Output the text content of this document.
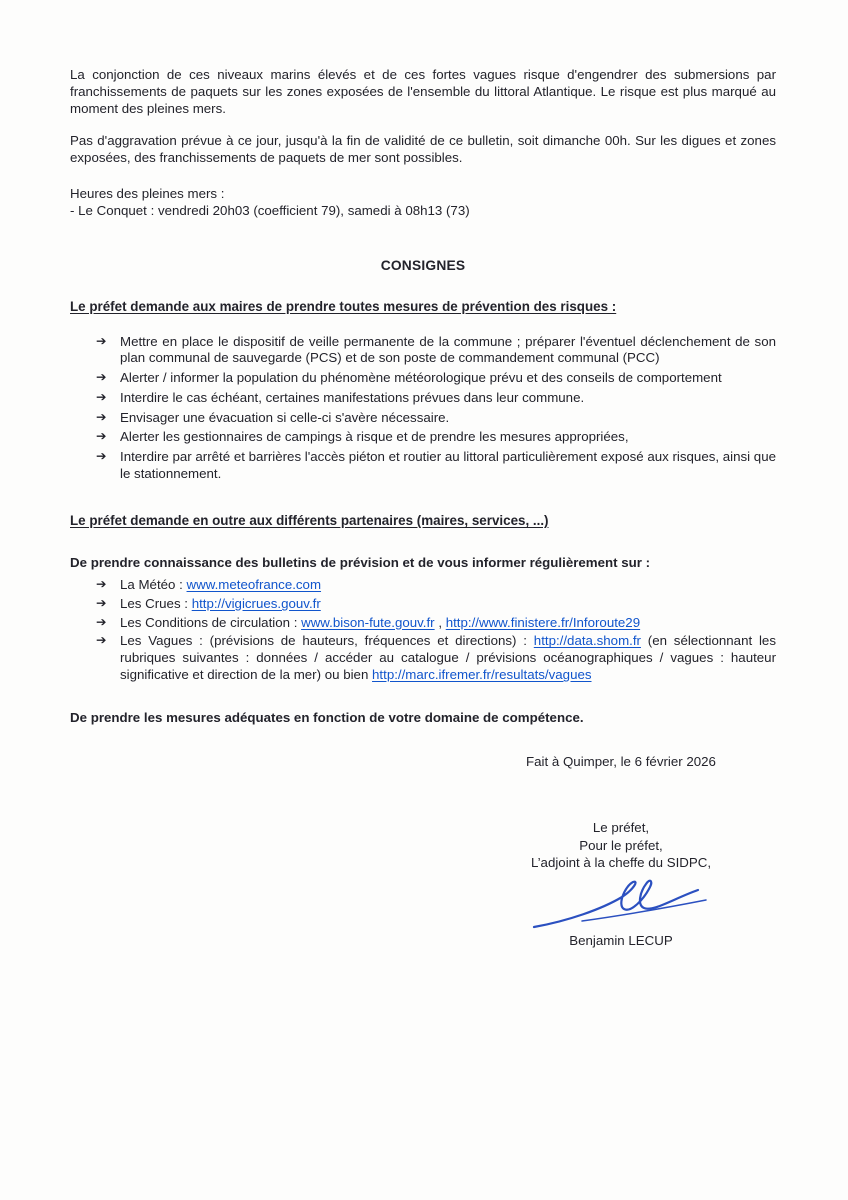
La conjonction de ces niveaux marins élevés et de ces fortes vagues risque d'engendrer des submersions par franchissements de paquets sur les zones exposées de l'ensemble du littoral Atlantique. Le risque est plus marqué au moment des pleines mers.

Pas d'aggravation prévue à ce jour, jusqu'à la fin de validité de ce bulletin, soit dimanche 00h. Sur les digues et zones exposées, des franchissements de paquets de mer sont possibles.

Heures des pleines mers :
- Le Conquet : vendredi 20h03 (coefficient 79), samedi à 08h13 (73)
CONSIGNES
Le préfet demande aux maires de prendre toutes mesures de prévention des risques :
➔ Mettre en place le dispositif de veille permanente de la commune ; préparer l'éventuel déclenchement de son plan communal de sauvegarde (PCS) et de son poste de commandement communal (PCC)
➔ Alerter / informer la population du phénomène météorologique prévu et des conseils de comportement
➔ Interdire le cas échéant, certaines manifestations prévues dans leur commune.
➔ Envisager une évacuation si celle-ci s'avère nécessaire.
➔ Alerter les gestionnaires de campings à risque et de prendre les mesures appropriées,
➔ Interdire par arrêté et barrières l'accès piéton et routier au littoral particulièrement exposé aux risques, ainsi que le stationnement.
Le préfet demande en outre aux différents partenaires (maires, services, ...)

De prendre connaissance des bulletins de prévision et de vous informer régulièrement sur :

➔ La Météo : www.meteofrance.com
➔ Les Crues : http://vigicrues.gouv.fr
➔ Les Conditions de circulation : www.bison-fute.gouv.fr , http://www.finistere.fr/Inforoute29
➔ Les Vagues : (prévisions de hauteurs, fréquences et directions) : http://data.shom.fr (en sélectionnant les rubriques suivantes : données / accéder au catalogue / prévisions océanographiques / vagues : hauteur significative et direction de la mer) ou bien http://marc.ifremer.fr/resultats/vagues

De prendre les mesures adéquates en fonction de votre domaine de compétence.

Fait à Quimper, le 6 février 2026
Le préfet,
Pour le préfet,
L’adjoint à la cheffe du SIDPC,
Benjamin LECUP
